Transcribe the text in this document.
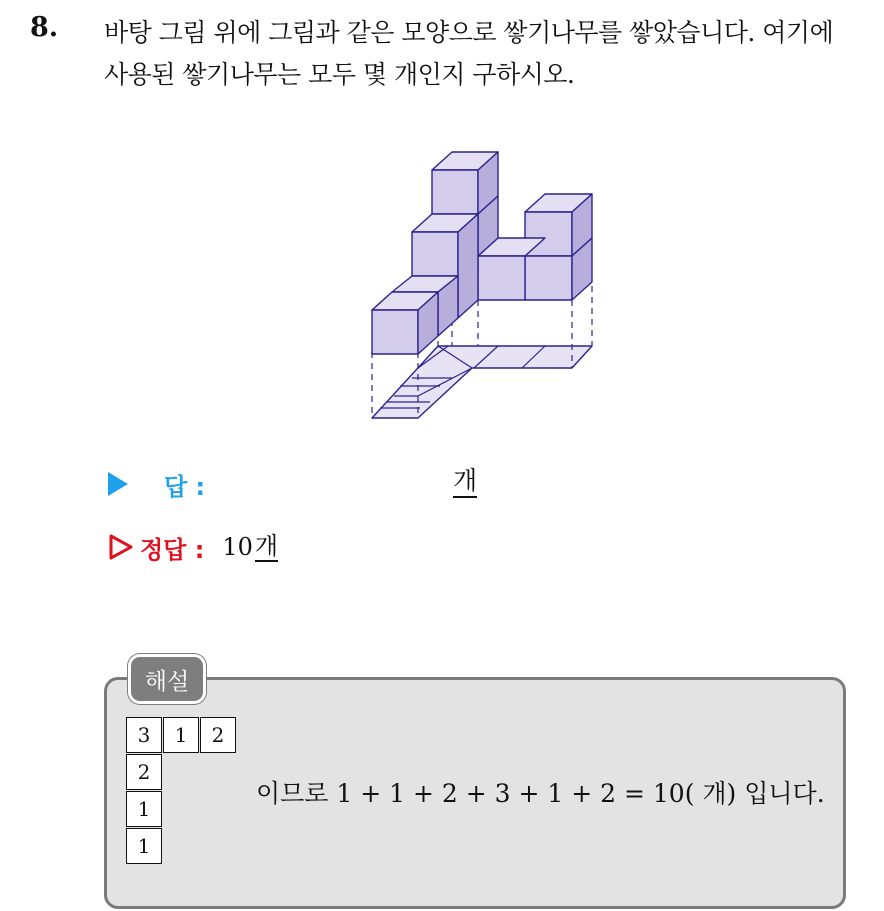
8. 바탕 그림 위에 그림과 같은 모양으로 쌓기나무를 쌓았습니다. 여기에
사용된 쌓기나무는 모두 몇 개인지 구하시오.
답 :	개
정답 : 10 개
해설
3	1	2
2
1
1
이므로 1 + 1 + 2 + 3 + 1 + 2 = 10( 개) 입니다.
